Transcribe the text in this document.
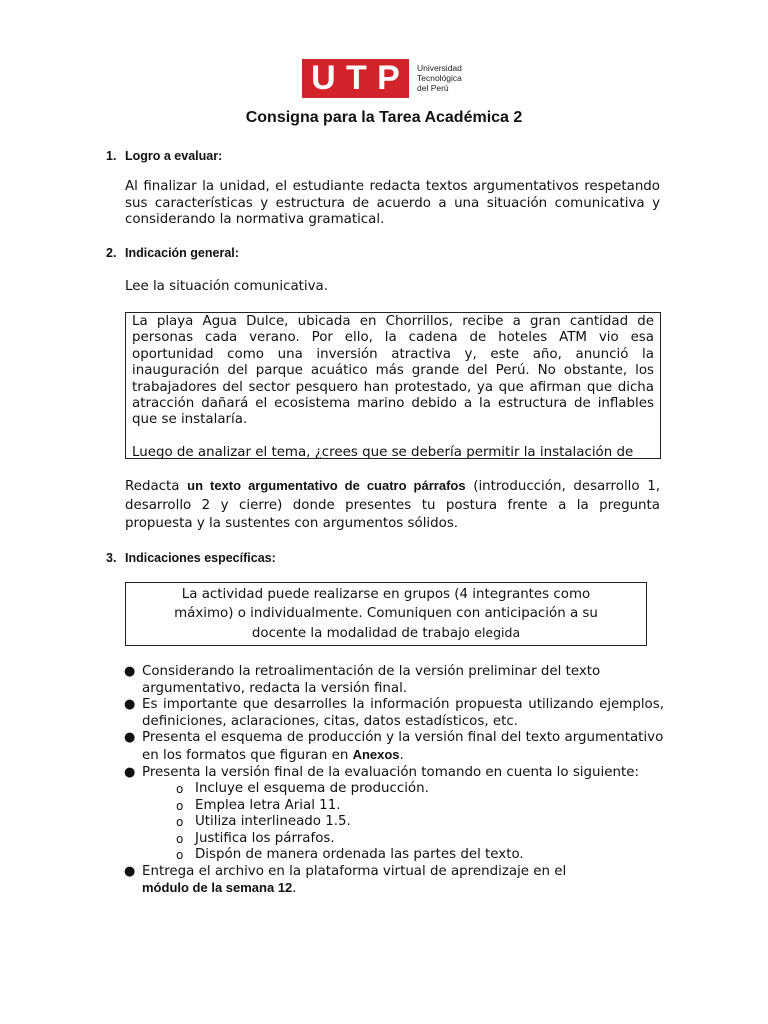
U T P Universidad
Tecnológica
del Perú
Consigna para la Tarea Académica 2
1. Logro a evaluar:
Al finalizar la unidad, el estudiante redacta textos argumentativos respetando sus características y estructura de acuerdo a una situación comunicativa y considerando la normativa gramatical.
2. Indicación general:
Lee la situación comunicativa.

La playa Agua Dulce, ubicada en Chorrillos, recibe a gran cantidad de personas cada verano. Por ello, la cadena de hoteles ATM vio esa oportunidad como una inversión atractiva y, este año, anunció la inauguración del parque acuático más grande del Perú. No obstante, los trabajadores del sector pesquero han protestado, ya que afirman que dicha atracción dañará el ecosistema marino debido a la estructura de inflables que se instalaría.

Luego de analizar el tema, ¿crees que se debería permitir la instalación de

Redacta un texto argumentativo de cuatro párrafos (introducción, desarrollo 1, desarrollo 2 y cierre) donde presentes tu postura frente a la pregunta propuesta y la sustentes con argumentos sólidos.
3. Indicaciones específicas:
La actividad puede realizarse en grupos (4 integrantes como
máximo) o individualmente. Comuniquen con anticipación a su
docente la modalidad de trabajo elegida
● Considerando la retroalimentación de la versión preliminar del texto argumentativo, redacta la versión final.
● Es importante que desarrolles la información propuesta utilizando ejemplos, definiciones, aclaraciones, citas, datos estadísticos, etc.
● Presenta el esquema de producción y la versión final del texto argumentativo en los formatos que figuran en Anexos.
● Presenta la versión final de la evaluación tomando en cuenta lo siguiente:
o Incluye el esquema de producción.
o Emplea letra Arial 11.
o Utiliza interlineado 1.5.
o Justifica los párrafos.
o Dispón de manera ordenada las partes del texto.
● Entrega el archivo en la plataforma virtual de aprendizaje en el
módulo de la semana 12.
